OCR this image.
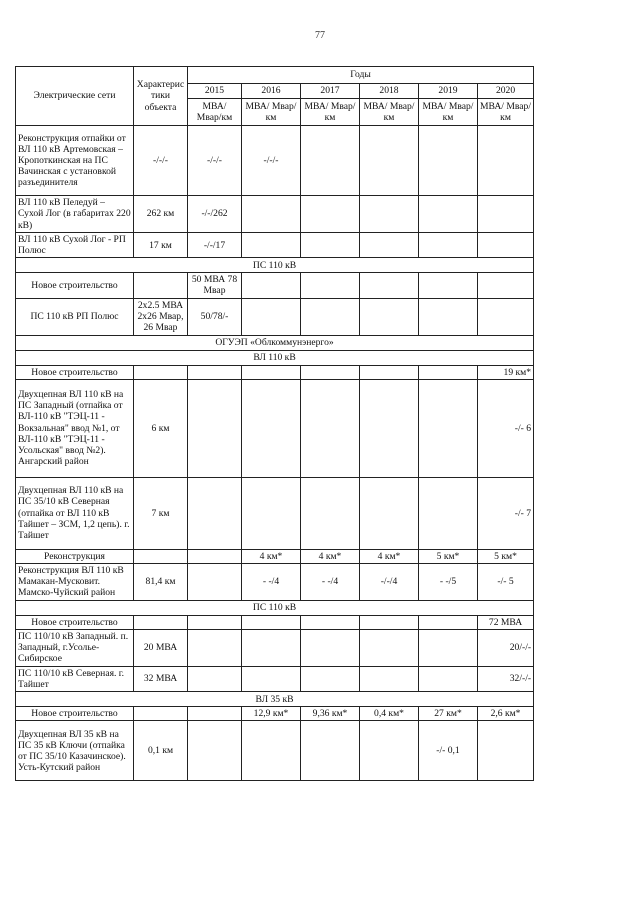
77
Электрические сети	Характерис тики объекта	Годы					
		2015	2016	2017	2018	2019	2020
		МВА/ Мвар/км	МВА/ Мвар/км	МВА/ Мвар/км	МВА/ Мвар/км	МВА/ Мвар/км	МВА/ Мвар/км
Реконструкция отпайки от ВЛ 110 кВ Артемовская – Кропоткинская на ПС Вачинская с установкой разъединителя	-/-/-	-/-/-	-/-/-				
ВЛ 110 кВ Пеледуй – Сухой Лог (в габаритах 220 кВ)	262 км	-/-/262					
ВЛ 110 кВ Сухой Лог - РП Полюс	17 км	-/-/17					
ПС 110 кВ							
Новое строительство		50 МВА 78 Мвар					
ПС 110 кВ РП Полюс	2х2.5 МВА 2х26 Мвар, 26 Мвар	50/78/-					
ОГУЭП «Облкоммунэнерго»							
ВЛ 110 кВ							
Новое строительство							19 км*
Двухцепная ВЛ 110 кВ на ПС Западный (отпайка от ВЛ-110 кВ "ТЭЦ-11 - Вокзальная" ввод №1, от ВЛ-110 кВ "ТЭЦ-11 - Усольская" ввод №2). Ангарский район	6 км						-/- 6
Двухцепная ВЛ 110 кВ на ПС 35/10 кВ Северная (отпайка от ВЛ 110 кВ Тайшет – ЗСМ, 1,2 цепь). г. Тайшет	7 км						-/- 7
Реконструкция			4 км*	4 км*	4 км*	5 км*	5 км*
Реконструкция ВЛ 110 кВ Мамакан-Мусковит. Мамско-Чуйский район	81,4 км		- -/4	- -/4	-/-/4	- -/5	-/- 5
ПС 110 кВ							
Новое строительство							72 МВА
ПС 110/10 кВ Западный. п. Западный, г.Усолье-Сибирское	20 МВА						20/-/-
ПС 110/10 кВ Северная. г. Тайшет	32 МВА						32/-/-
ВЛ 35 кВ							
Новое строительство			12,9 км*	9,36 км*	0,4 км*	27 км*	2,6 км*
Двухцепная ВЛ 35 кВ на ПС 35 кВ Ключи (отпайка от ПС 35/10 Казачинское). Усть-Кутский район	0,1 км					-/- 0,1	
